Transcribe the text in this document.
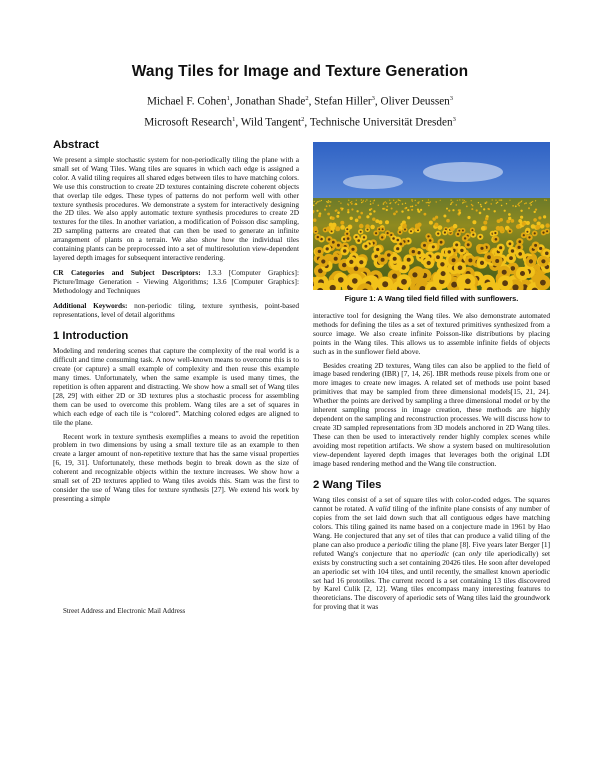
Wang Tiles for Image and Texture Generation
Michael F. Cohen$^1$, Jonathan Shade$^2$, Stefan Hiller$^3$, Oliver Deussen$^3$
Microsoft Research$^1$, Wild Tangent$^2$, Technische Universität Dresden$^3$
Abstract

We present a simple stochastic system for non-periodically tiling the plane with a small set of Wang Tiles. Wang tiles are squares in which each edge is assigned a color. A valid tiling requires all shared edges between tiles to have matching colors. We use this construction to create 2D textures containing discrete coherent objects that overlap tile edges. These types of patterns do not perform well with other texture synthesis procedures. We demonstrate a system for interactively designing the 2D tiles. We also apply automatic texture synthesis procedures to create 2D textures for the tiles. In another variation, a modification of Poisson disc sampling, 2D sampling patterns are created that can then be used to generate an infinite arrangement of plants on a terrain. We also show how the individual tiles containing plants can be preprocessed into a set of multiresolution view-dependent layered depth images for subsequent interactive rendering.

CR Categories and Subject Descriptors: I.3.3 [Computer Graphics]: Picture/Image Generation - Viewing Algorithms; I.3.6 [Computer Graphics]: Methodology and Techniques

Additional Keywords: non-periodic tiling, texture synthesis, point-based representations, level of detail algorithms

1 Introduction

Modeling and rendering scenes that capture the complexity of the real world is a difficult and time consuming task. A now well-known means to overcome this is to create (or capture) a small example of complexity and then reuse this example many times. Unfortunately, when the same example is used many times, the repetition is often apparent and distracting. We show how a small set of Wang tiles [28, 29] with either 2D or 3D textures plus a stochastic process for assembling them can be used to overcome this problem. Wang tiles are a set of squares in which each edge of each tile is “colored”. Matching colored edges are aligned to tile the plane.

Recent work in texture synthesis exemplifies a means to avoid the repetition problem in two dimensions by using a small texture tile as an example to then create a larger amount of non-repetitive texture that has the same visual properties [6, 19, 31]. Unfortunately, these methods begin to break down as the size of coherent and recognizable objects within the texture increases. We show how a small set of 2D textures applied to Wang tiles avoids this. Stam was the first to consider the use of Wang tiles for texture synthesis [27]. We extend his work by presenting a simple

Street Address and Electronic Mail Address
Figure 1: A Wang tiled field filled with sunflowers.

interactive tool for designing the Wang tiles. We also demonstrate automated methods for defining the tiles as a set of textured primitives synthesized from a source image. We also create infinite Poisson-like distributions by placing points in the Wang tiles. This allows us to assemble infinite fields of objects such as in the sunflower field above.

Besides creating 2D textures, Wang tiles can also be applied to the field of image based rendering (IBR) [7, 14, 26]. IBR methods reuse pixels from one or more images to create new images. A related set of methods use point based primitives that may be sampled from three dimensional models[15, 21, 24]. Whether the points are derived by sampling a three dimensional model or by the inherent sampling process in image creation, these methods are highly dependent on the sampling and reconstruction processes. We will discuss how to create 3D sampled representations from 3D models anchored in 2D Wang tiles. These can then be used to interactively render highly complex scenes while avoiding most repetition artifacts. We show a system based on multiresolution view-dependent layered depth images that leverages both the original LDI image based rendering method and the Wang tile construction.

2 Wang Tiles

Wang tiles consist of a set of square tiles with color-coded edges. The squares cannot be rotated. A valid tiling of the infinite plane consists of any number of copies from the set laid down such that all contiguous edges have matching colors. This tiling gained its name based on a conjecture made in 1961 by Hao Wang. He conjectured that any set of tiles that can produce a valid tiling of the plane can also produce a periodic tiling the plane [8]. Five years later Berger [1] refuted Wang's conjecture that no aperiodic (can only tile aperiodically) set exists by constructing such a set containing 20426 tiles. He soon after developed an aperiodic set with 104 tiles, and until recently, the smallest known aperiodic set had 16 prototiles. The current record is a set containing 13 tiles discovered by Karel Culik [2, 12]. Wang tiles encompass many interesting features to theoreticians. The discovery of aperiodic sets of Wang tiles laid the groundwork for proving that it was
